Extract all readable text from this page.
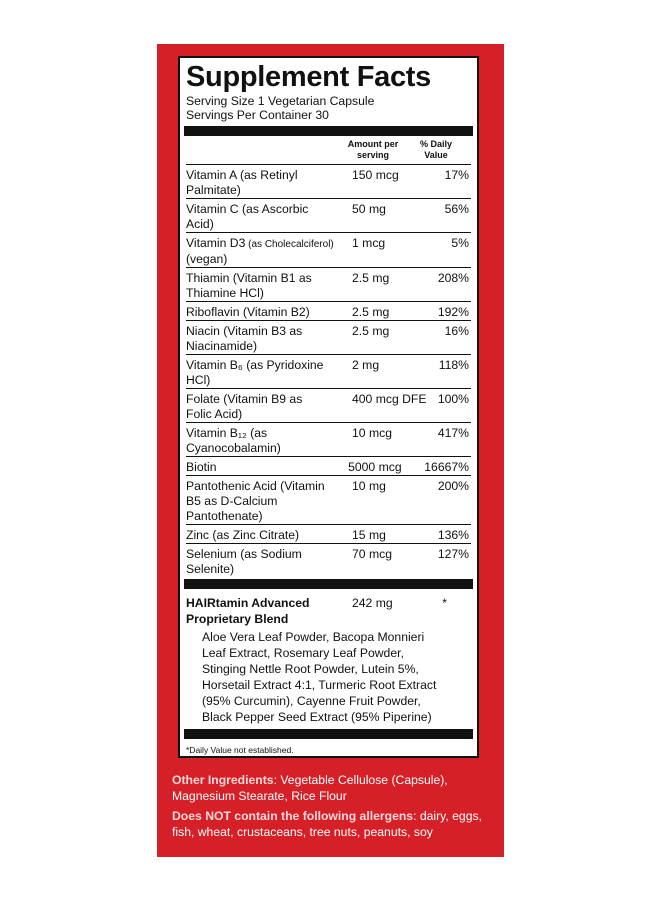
Supplement Facts
Serving Size 1 Vegetarian Capsule
Servings Per Container 30
Amount per
serving
% Daily
Value
Vitamin A (as Retinyl
Palmitate)
150 mcg	17%
Vitamin C (as Ascorbic
Acid)
50 mg	56%
Vitamin D3 (as Cholecalciferol)
(vegan)
1 mcg	5%
Thiamin (Vitamin B1 as
Thiamine HCl)
2.5 mg	208%
Riboflavin (Vitamin B2)	2.5 mg	192%
Niacin (Vitamin B3 as
Niacinamide)
2.5 mg	16%
Vitamin B₆ (as Pyridoxine
HCl)
2 mg	118%
Folate (Vitamin B9 as
Folic Acid)
400 mcg DFE 100%
Vitamin B₁₂ (as
Cyanocobalamin)
10 mcg	417%
Biotin	5000 mcg	16667%
Pantothenic Acid (Vitamin
B5 as D-Calcium
Pantothenate)
10 mg	200%
Zinc (as Zinc Citrate)	15 mg	136%
Selenium (as Sodium
Selenite)
70 mcg	127%
HAIRtamin Advanced
Proprietary Blend
242 mg	*
Aloe Vera Leaf Powder, Bacopa Monnieri
Leaf Extract, Rosemary Leaf Powder,
Stinging Nettle Root Powder, Lutein 5%,
Horsetail Extract 4:1, Turmeric Root Extract
(95% Curcumin), Cayenne Fruit Powder,
Black Pepper Seed Extract (95% Piperine)
*Daily Value not established.
Other Ingredients: Vegetable Cellulose (Capsule),
Magnesium Stearate, Rice Flour
Does NOT contain the following allergens: dairy, eggs,
fish, wheat, crustaceans, tree nuts, peanuts, soy
